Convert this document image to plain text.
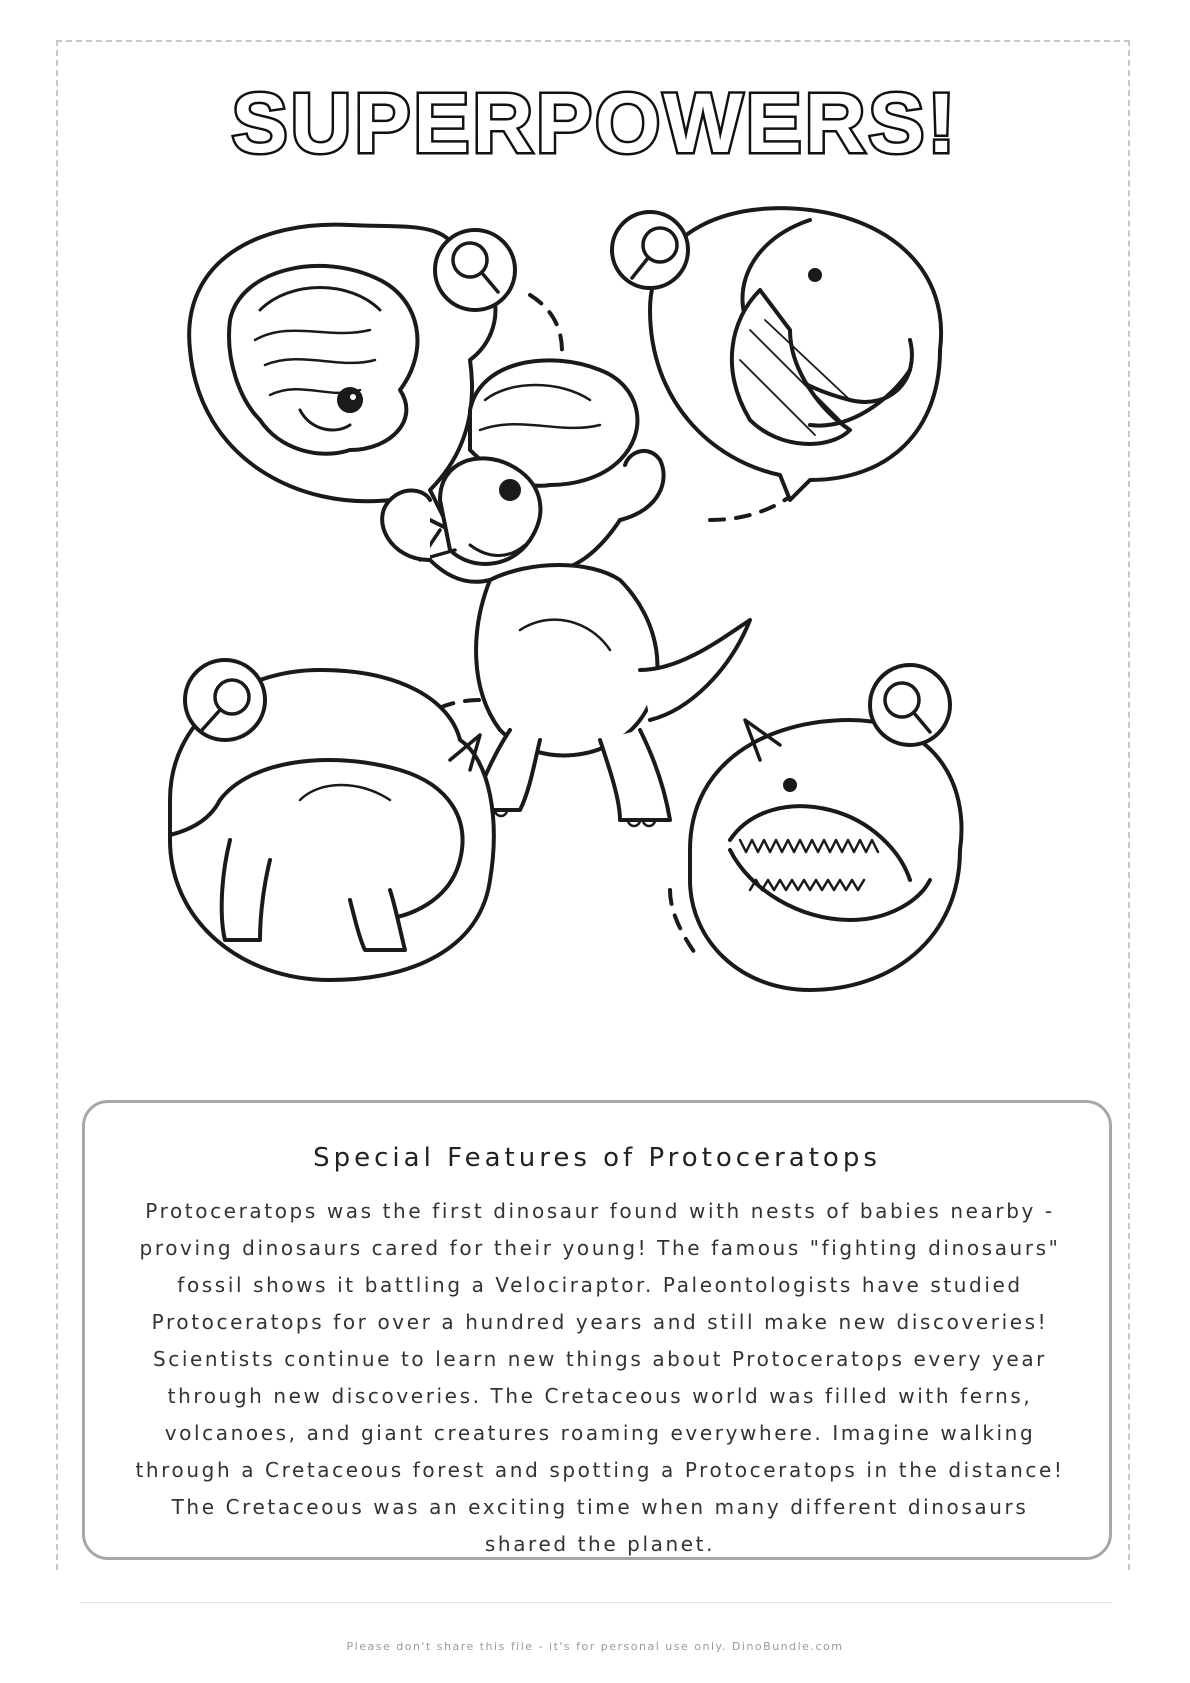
SUPERPOWERS!
Special Features of Protoceratops
Protoceratops was the first dinosaur found with nests of babies nearby - proving dinosaurs cared for their young! The famous "fighting dinosaurs" fossil shows it battling a Velociraptor. Paleontologists have studied Protoceratops for over a hundred years and still make new discoveries! Scientists continue to learn new things about Protoceratops every year through new discoveries. The Cretaceous world was filled with ferns, volcanoes, and giant creatures roaming everywhere. Imagine walking through a Cretaceous forest and spotting a Protoceratops in the distance! The Cretaceous was an exciting time when many different dinosaurs shared the planet.
Please don't share this file - it's for personal use only. DinoBundle.com
